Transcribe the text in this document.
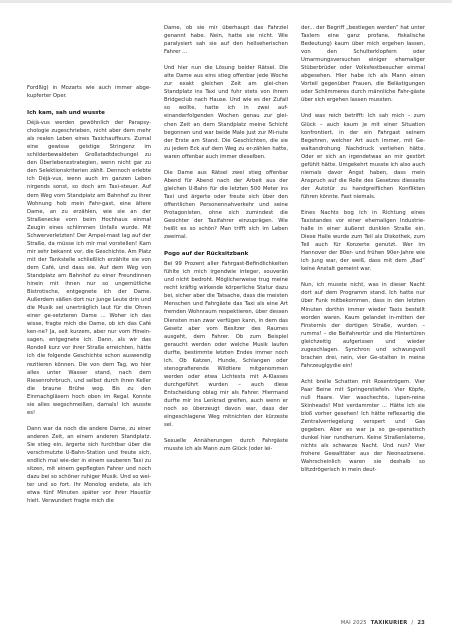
Fordßig) in Mozarts wie auch immer abge-kupferter Oper.

Ich kam, sah und wusste

Déjà-vus werden gewöhnlich der Parapsy-chologie zugeschrieben, nicht aber dem mehr als realen Leben eines Taxichauffeurs. Zumal eine gewisse geistige Stringenz im schilderbewaldeten Großstadtdschungel zu den Überlebensstrategien, wenn nicht gar zu den Selektionskriterien zählt. Dennoch erlebte ich Déjà-vus, wenn auch im ganzen Leben nirgends sonst, so doch am Taxi-steuer. Auf dem Weg vom Standplatz am Bahnhof zu ihrer Wohnung hob mein Fahr-gast, eine ältere Dame, an zu erzählen, wie sie an der Straßenecke vorn beim Hochhaus einmal Zeugin eines schlimmen Unfalls wurde. Mit Schwerverletzten! Der Ampel-mast lag auf der Straße, da müsse ich mir mal vorstellen! Kam mir sehr bekannt vor, die Geschichte. Am Platz mit der Tankstelle schließlich erzählte sie von dem Café, und dass sie. Auf dem Weg von Standplatz am Bahnhof zu einer Freundinnen hinein mit ihnen nur so ungemütliche Bistrotische, entgegnete ich der Dame. Außerdem säßen dort nur junge Leute drin und die Musik sei unerträglich laut für die Ohren einer ge-setzteren Dame ... Woher ich das wisse, fragte mich die Dame, ob ich das Café ken-ne? Ja, seit kurzem, aber nur vom Hinein-sagen, entgegnete ich. Dann, als wir das Rondell kurz vor ihrer Straße erreichten, hätte ich die folgende Geschichte schon auswendig rezitieren können. Die von dem Tag, wo hier alles unter Wasser stand, nach dem Riesenrohrbruch, und selbst durch ihren Keller die braune Brühe wog. Bis zu den Einmachgläsern hoch oben im Regal. Konnte sie alles wegschmeißen, damals! Ich wusste es!

Dann war da noch die andere Dame, zu einer anderen Zeit, an einem anderen Standplatz. Sie stieg ein, ärgerte sich furchtbar über die verschmutzte U-Bahn-Station und freute sich, endlich mal wie-der in einem sauberen Taxi zu sitzen, mit einem gepflegten Fahrer und noch dazu bei so schöner ruhiger Musik. Und so wei-ter und so fort. Ihr Monolog endete, als ich etwa fünf Minuten später vor ihrer Haustür hielt. Verwundert fragte mich die

Dame, ob sie mir überhaupt das Fahrziel genannt habe. Nein, hatte sie nicht. Wie paralysiert sah sie auf den hellseherischen Fahrer ...

Und hier nun die Lösung beider Rätsel. Die alte Dame aus eins stieg offenbar jede Woche zur exakt gleichen Zeit am glei-chen Standplatz ins Taxi und fuhr stets von ihrem Bridgeclub nach Hause. Und wie es der Zufall so wollte, hatte ich in zwei auf-einanderfolgenden Wochen genau zur glei-chen Zeit an dem Standplatz meine Schicht begonnen und war beide Male just zur Mi-nute der Erste am Stand. Die Geschichten, die sie zu jedem Eck auf dem Weg zu er-zählen hatte, waren offenbar auch immer dieselben.

Die Dame aus Rätsel zwei stieg offenbar Abend für Abend nach der Arbeit aus der gleichen U-Bahn für die letzten 500 Meter ins Taxi und ärgerte oder freute sich über den öffentlichen Personennahverkehr und seine Protagonisten, ohne sich zumindest die Gesichter der Taxifahrer einzuprägen. Wie heißt es so schön? Man trifft sich im Leben zweimal.

Pogo auf der Rücksitzbank

Bei 99 Prozent aller Fahrgast-Befindlichkeiten fühlte ich mich irgendwie integer, souverän und nicht bedroht. Möglicherweise trug meine recht kräftig wirkende körperliche Statur dazu bei, sicher aber die Tatsache, dass die meisten Menschen und Fahrgäste das Taxi als eine Art fremden Wohnraum respektieren, über dessen Diensten man zwar verfügen kann, in dem das Gesetz aber vom Besitzer des Raumes ausgeht, dem Fahrer. Ob zum Beispiel geraucht werden oder welche Musik laufen durfte, bestimmte letzten Endes immer noch ich. Ob Katzen, Hunde, Schlangen oder stenografierende Wildtiere mitgenommen werden oder etwa Lichtests mit A-Klasses durchgeführt wurden – auch diese Entscheidung oblag mir als Fahrer. Hiermand durfte mir ins Lenkrad greifen, auch wenn er noch so überzeugt davon war, dass der eingeschlagene Weg mitnichten der kürzeste sei.

Sexuelle Annäherungen durch Fahrgäste musste ich als Mann zum Glück (oder lei-

der... der Begriff „bestiegen werden“ hat unter Taxlern eine ganz profane, fiskalische Bedeutung) kaum über mich ergehen lassen, von den Schulterklopfern oder Umarmungsversuchen einiger ehemaliger Stüberbrüder oder Volksfestbesucher einmal abgesehen. Hier habe ich als Mann einen Vorteil gegenüber Frauen, die Belästigungen oder Schlimmeres durch männliche Fahr-gäste über sich ergehen lassen mussten.

Und was reich betrifft: Ich sah mich – zum Glück – auch kaum je mit einer Situation konfrontiert, in der ein Fahrgast seinem Begehren, welcher Art auch immer, mit Ge-waltandrohung Nachdruck verliehen hätte. Oder er sich an irgendetwas an mir gestört gefühlt hätte. Umgekehrt musste ich also auch niemals davor Angst haben, dass mein Anspruch auf die Rolle des Gesetzes diesseits der Autotür zu handgreiflichen Konflikten führen könnte. Fast niemals.

Eines Nachts bog ich in Richtung eines Taxistandes vor einer ehemaligen Industrie-halle in einer äußerst dunklen Straße ein. Diese Halle wurde zum Teil als Diskothek, zum Teil auch für Konzerte genutzt. Wer im Hannover der 80er- und frühen 90er-Jahre wie ich jung war, der weiß, dass mit dem „Bad“ keine Anstalt gemeint war.

Nun, ich musste nicht, was in dieser Nacht dort auf dem Programm stand. Ich hatte nur über Funk mitbekommen, dass in den letzten Minuten dorthin immer wieder Taxis bestellt worden waren. Kaum gelandet in-mitten der Finsternis der dortigen Straße, wurden – rumms! – die Beifahrertür und die Hintertüren gleichzeitig aufgerissen und wieder zugeschlagen. Synchron und schwungvoll brachen drei, nein, vier Ge-stalten in meine Fahrzeuglgydie ein!

Acht brelle Schatten mit Rosentrögern. Vier Paar Beine mit Springerstiefeln. Vier Köpfe, null Haare. Vier waschechte, lupen-reine Skinheads! Mist verdammter ... Hätte ich sie bloß vorher gesehen! Ich hätte reflexartig die Zentralverriegelung verspert und Gas gegeben. Aber es war ja so ge-spenstisch dunkel hier rundherum. Keine Straßenlaterne, nichts als schwarze Nacht. Und nun? Vier frohere Gewalttäter aus der Neonazizsene. Wahrscheinlich waren sie deshalb so blitzdrögerisch in mein deut-

MAI 2025 TAXIKURIER / 23
